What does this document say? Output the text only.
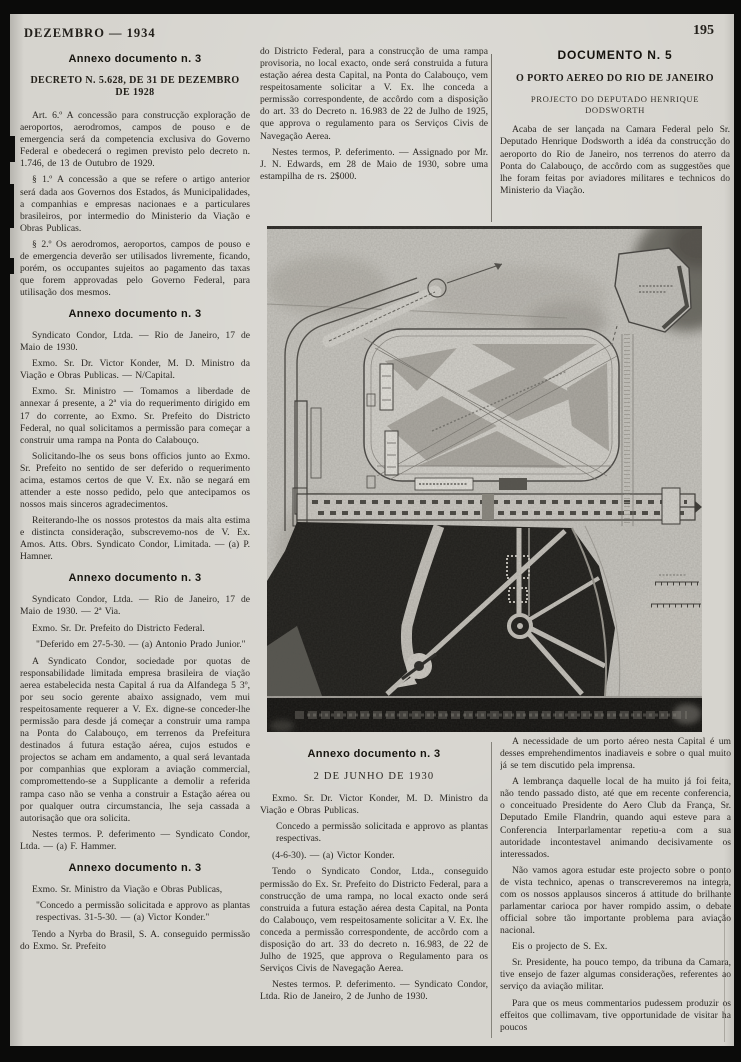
DEZEMBRO — 1934	195

Annexo documento n. 3

DECRETO N. 5.628, DE 31 DE DEZEMBRO DE 1928

Art. 6.º A concessão para construcção exploração de aeroportos, aerodromos, campos de pouso e de emergencia será da competencia exclusiva do Governo Federal e obedecerá o regimen previsto pelo decreto n. 1.746, de 13 de Outubro de 1929.

§ 1.º A concessão a que se refere o artigo anterior será dada aos Governos dos Estados, ás Municipalidades, a companhias e empresas nacionaes e a particulares brasileiros, por intermedio do Ministerio da Viação e Obras Publicas.

§ 2.º Os aerodromos, aeroportos, campos de pouso e de emergencia deverão ser utilisados livremente, ficando, porém, os occupantes sujeitos ao pagamento das taxas que forem approvadas pelo Governo Federal, para utilisação dos mesmos.

Annexo documento n. 3

Syndicato Condor, Ltda. — Rio de Janeiro, 17 de Maio de 1930.

Exmo. Sr. Dr. Victor Konder, M. D. Ministro da Viação e Obras Publicas. — N/Capital.

Exmo. Sr. Ministro — Tomamos a liberdade de annexar á presente, a 2ª via do requerimento dirigido em 17 do corrente, ao Exmo. Sr. Prefeito do Districto Federal, no qual solicitamos a permissão para começar a construir uma rampa na Ponta do Calabouço.

Solicitando-lhe os seus bons officios junto ao Exmo. Sr. Prefeito no sentido de ser deferido o requerimento acima, estamos certos de que V. Ex. não se negará em attender a este nosso pedido, pelo que antecipamos os nossos mais sinceros agradecimentos.

Reiterando-lhe os nossos protestos da mais alta estima e distincta consideração, subscrevemo-nos de V. Ex. Amos. Atts. Obrs. Syndicato Condor, Limitada. — (a) P. Hamner.

Annexo documento n. 3

Syndicato Condor, Ltda. — Rio de Janeiro, 17 de Maio de 1930. — 2ª Via.

Exmo. Sr. Dr. Prefeito do Districto Federal.

"Deferido em 27-5-30. — (a) Antonio Prado Junior."

A Syndicato Condor, sociedade por quotas de responsabilidade limitada empresa brasileira de viação aerea estabelecida nesta Capital á rua da Alfandega 5 3º, por seu socio gerente abaixo assignado, vem mui respeitosamente requerer a V. Ex. digne-se conceder-lhe permissão para desde já começar a construir uma rampa na Ponta do Calabouço, em terrenos da Prefeitura destinados á futura estação aérea, cujos estudos e projectos se acham em andamento, a qual será levantada por companhias que exploram a aviação commercial, compromettendo-se a Supplicante a demolir a referida rampa caso não se venha a construir a Estação aérea ou por qualquer outra circumstancia, lhe seja cassada a autorisação que ora solicita.

Nestes termos. P. deferimento — Syndicato Condor, Ltda. — (a) F. Hammer.

Annexo documento n. 3

Exmo. Sr. Ministro da Viação e Obras Publicas,

"Concedo a permissão solicitada e approvo as plantas respectivas. 31-5-30. — (a) Victor Konder."

Tendo a Nyrba do Brasil, S. A. conseguido permissão do Exmo. Sr. Prefeito

do Districto Federal, para a construcção de uma rampa provisoria, no local exacto, onde será construida a futura estação aérea desta Capital, na Ponta do Calabouço, vem respeitosamente solicitar a V. Ex. lhe conceda a permissão correspondente, de accôrdo com a disposição do art. 33 do Decreto n. 16.983 de 22 de Julho de 1925, que approva o regulamento para os Serviços Civis de Navegação Aerea.

Nestes termos, P. deferimento. — Assignado por Mr. J. N. Edwards, em 28 de Maio de 1930, sobre uma estampilha de rs. 2$000.

DOCUMENTO N. 5

O PORTO AEREO DO RIO DE JANEIRO

PROJECTO DO DEPUTADO HENRIQUE DODSWORTH

Acaba de ser lançada na Camara Federal pelo Sr. Deputado Henrique Dodsworth a idéa da construcção do aeroporto do Rio de Janeiro, nos terrenos do aterro da Ponta do Calabouço, de accôrdo com as suggestões que lhe foram feitas por aviadores militares e technicos do Ministerio da Viação.

Annexo documento n. 3

2 DE JUNHO DE 1930

Exmo. Sr. Dr. Victor Konder, M. D. Ministro da Viação e Obras Publicas.

Concedo a permissão solicitada e approvo as plantas respectivas.

(4-6-30). — (a) Victor Konder.

Tendo o Syndicato Condor, Ltda., conseguido permissão do Ex. Sr. Prefeito do Districto Federal, para a construcção de uma rampa, no local exacto onde será construida a futura estação aérea desta Capital, na Ponta do Calabouço, vem respeitosamente solicitar a V. Ex. lhe conceda a permissão correspondente, de accôrdo com a disposição do art. 33 do decreto n. 16.983, de 22 de Julho de 1925, que approva o Regulamento para os Serviços Civis de Navegação Aerea.

Nestes termos. P. deferimento. — Syndicato Condor, Ltda. Rio de Janeiro, 2 de Junho de 1930.

A necessidade de um porto aéreo nesta Capital é um desses emprehendimentos inadiaveis e sobre o qual muito já se tem discutido pela imprensa.

A lembrança daquelle local de ha muito já foi feita, não tendo passado disto, até que em recente conferencia, o conceituado Presidente do Aero Club da França, Sr. Deputado Emile Flandrin, quando aqui esteve para a Conferencia Interparlamentar repetiu-a com a sua autoridade incontestavel animando decisivamente os interessados.

Não vamos agora estudar este projecto sobre o ponto de vista technico, apenas o transcreveremos na integra, com os nossos applausos sinceros á attitude do brilhante parlamentar carioca por haver rompido assim, o debate official sobre tão importante problema para aviação nacional.

Eis o projecto de S. Ex.

Sr. Presidente, ha pouco tempo, da tribuna da Camara, tive ensejo de fazer algumas considerações, referentes ao serviço da aviação militar.

Para que os meus commentarios pudessem produzir os effeitos que collimavam, tive opportunidade de visitar ha poucos
